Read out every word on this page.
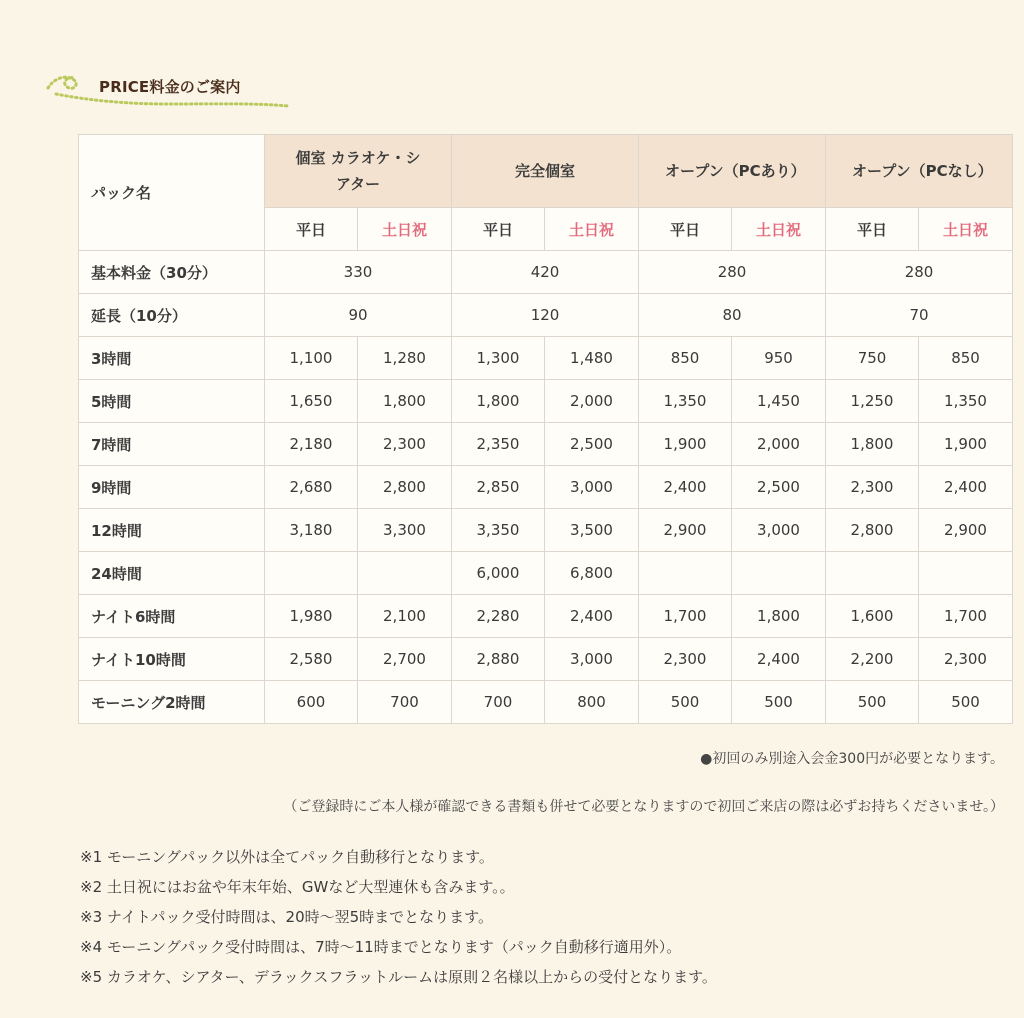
PRICE料金のご案内
パック名	個室 カラオケ・シアター		完全個室		オープン（PCあり）		オープン（PCなし）	
	平日	土日祝	平日	土日祝	平日	土日祝	平日	土日祝
基本料金（30分）	330		420		280		280	
延長（10分）	90		120		80		70	
3時間	1,100	1,280	1,300	1,480	850	950	750	850
5時間	1,650	1,800	1,800	2,000	1,350	1,450	1,250	1,350
7時間	2,180	2,300	2,350	2,500	1,900	2,000	1,800	1,900
9時間	2,680	2,800	2,850	3,000	2,400	2,500	2,300	2,400
12時間	3,180	3,300	3,350	3,500	2,900	3,000	2,800	2,900
24時間			6,000	6,800				
ナイト6時間	1,980	2,100	2,280	2,400	1,700	1,800	1,600	1,700
ナイト10時間	2,580	2,700	2,880	3,000	2,300	2,400	2,200	2,300
モーニング2時間	600	700	700	800	500	500	500	500
●初回のみ別途入会金300円が必要となります。
（ご登録時にご本人様が確認できる書類も併せて必要となりますので初回ご来店の際は必ずお持ちくださいませ。）
※1 モーニングパック以外は全てパック自動移行となります。
※2 土日祝にはお盆や年末年始、GWなど大型連休も含みます。。
※3 ナイトパック受付時間は、20時～翌5時までとなります。
※4 モーニングパック受付時間は、7時～11時までとなります（パック自動移行適用外）。
※5 カラオケ、シアター、デラックスフラットルームは原則２名様以上からの受付となります。
